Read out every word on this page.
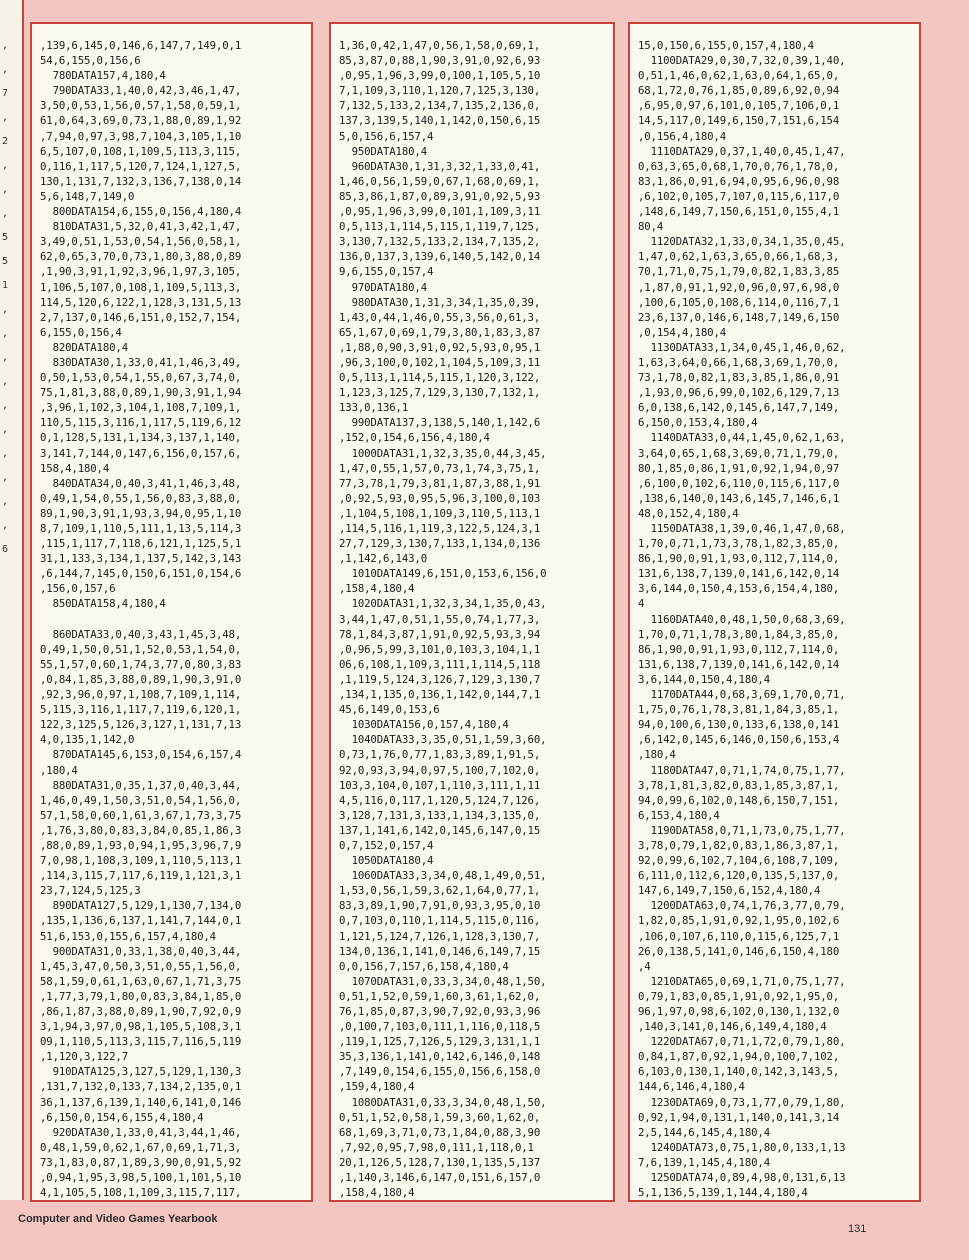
,
,
7
,
2
,
,
,
5
5
1
,
,
,
,
,
,
,
,
,
,
6
,139,6,145,0,146,6,147,7,149,0,1
54,6,155,0,156,6
780DATA157,4,180,4
790DATA33,1,40,0,42,3,46,1,47,
3,50,0,53,1,56,0,57,1,58,0,59,1,
61,0,64,3,69,0,73,1,88,0,89,1,92
,7,94,0,97,3,98,7,104,3,105,1,10
6,5,107,0,108,1,109,5,113,3,115,
0,116,1,117,5,120,7,124,1,127,5,
130,1,131,7,132,3,136,7,138,0,14
5,6,148,7,149,0
800DATA154,6,155,0,156,4,180,4
810DATA31,5,32,0,41,3,42,1,47,
3,49,0,51,1,53,0,54,1,56,0,58,1,
62,0,65,3,70,0,73,1,80,3,88,0,89
,1,90,3,91,1,92,3,96,1,97,3,105,
1,106,5,107,0,108,1,109,5,113,3,
114,5,120,6,122,1,128,3,131,5,13
2,7,137,0,146,6,151,0,152,7,154,
6,155,0,156,4
820DATA180,4
830DATA30,1,33,0,41,1,46,3,49,
0,50,1,53,0,54,1,55,0,67,3,74,0,
75,1,81,3,88,0,89,1,90,3,91,1,94
,3,96,1,102,3,104,1,108,7,109,1,
110,5,115,3,116,1,117,5,119,6,12
0,1,128,5,131,1,134,3,137,1,140,
3,141,7,144,0,147,6,156,0,157,6,
158,4,180,4
840DATA34,0,40,3,41,1,46,3,48,
0,49,1,54,0,55,1,56,0,83,3,88,0,
89,1,90,3,91,1,93,3,94,0,95,1,10
8,7,109,1,110,5,111,1,13,5,114,3
,115,1,117,7,118,6,121,1,125,5,1
31,1,133,3,134,1,137,5,142,3,143
,6,144,7,145,0,150,6,151,0,154,6
,156,0,157,6
850DATA158,4,180,4

860DATA33,0,40,3,43,1,45,3,48,
0,49,1,50,0,51,1,52,0,53,1,54,0,
55,1,57,0,60,1,74,3,77,0,80,3,83
,0,84,1,85,3,88,0,89,1,90,3,91,0
,92,3,96,0,97,1,108,7,109,1,114,
5,115,3,116,1,117,7,119,6,120,1,
122,3,125,5,126,3,127,1,131,7,13
4,0,135,1,142,0
870DATA145,6,153,0,154,6,157,4
,180,4
880DATA31,0,35,1,37,0,40,3,44,
1,46,0,49,1,50,3,51,0,54,1,56,0,
57,1,58,0,60,1,61,3,67,1,73,3,75
,1,76,3,80,0,83,3,84,0,85,1,86,3
,88,0,89,1,93,0,94,1,95,3,96,7,9
7,0,98,1,108,3,109,1,110,5,113,1
,114,3,115,7,117,6,119,1,121,3,1
23,7,124,5,125,3
890DATA127,5,129,1,130,7,134,0
,135,1,136,6,137,1,141,7,144,0,1
51,6,153,0,155,6,157,4,180,4
900DATA31,0,33,1,38,0,40,3,44,
1,45,3,47,0,50,3,51,0,55,1,56,0,
58,1,59,0,61,1,63,0,67,1,71,3,75
,1,77,3,79,1,80,0,83,3,84,1,85,0
,86,1,87,3,88,0,89,1,90,7,92,0,9
3,1,94,3,97,0,98,1,105,5,108,3,1
09,1,110,5,113,3,115,7,116,5,119
,1,120,3,122,7
910DATA125,3,127,5,129,1,130,3
,131,7,132,0,133,7,134,2,135,0,1
36,1,137,6,139,1,140,6,141,0,146
,6,150,0,154,6,155,4,180,4
920DATA30,1,33,0,41,3,44,1,46,
0,48,1,59,0,62,1,67,0,69,1,71,3,
73,1,83,0,87,1,89,3,90,0,91,5,92
,0,94,1,95,3,98,5,100,1,101,5,10
4,1,105,5,108,1,109,3,115,7,117,

1,36,0,42,1,47,0,56,1,58,0,69,1,
85,3,87,0,88,1,90,3,91,0,92,6,93
,0,95,1,96,3,99,0,100,1,105,5,10
7,1,109,3,110,1,120,7,125,3,130,
7,132,5,133,2,134,7,135,2,136,0,
137,3,139,5,140,1,142,0,150,6,15
5,0,156,6,157,4
950DATA180,4
960DATA30,1,31,3,32,1,33,0,41,
1,46,0,56,1,59,0,67,1,68,0,69,1,
85,3,86,1,87,0,89,3,91,0,92,5,93
,0,95,1,96,3,99,0,101,1,109,3,11
0,5,113,1,114,5,115,1,119,7,125,
3,130,7,132,5,133,2,134,7,135,2,
136,0,137,3,139,6,140,5,142,0,14
9,6,155,0,157,4
970DATA180,4
980DATA30,1,31,3,34,1,35,0,39,
1,43,0,44,1,46,0,55,3,56,0,61,3,
65,1,67,0,69,1,79,3,80,1,83,3,87
,1,88,0,90,3,91,0,92,5,93,0,95,1
,96,3,100,0,102,1,104,5,109,3,11
0,5,113,1,114,5,115,1,120,3,122,
1,123,3,125,7,129,3,130,7,132,1,
133,0,136,1
990DATA137,3,138,5,140,1,142,6
,152,0,154,6,156,4,180,4
1000DATA31,1,32,3,35,0,44,3,45,
1,47,0,55,1,57,0,73,1,74,3,75,1,
77,3,78,1,79,3,81,1,87,3,88,1,91
,0,92,5,93,0,95,5,96,3,100,0,103
,1,104,5,108,1,109,3,110,5,113,1
,114,5,116,1,119,3,122,5,124,3,1
27,7,129,3,130,7,133,1,134,0,136
,1,142,6,143,0
1010DATA149,6,151,0,153,6,156,0
,158,4,180,4
1020DATA31,1,32,3,34,1,35,0,43,
3,44,1,47,0,51,1,55,0,74,1,77,3,
78,1,84,3,87,1,91,0,92,5,93,3,94
,0,96,5,99,3,101,0,103,3,104,1,1
06,6,108,1,109,3,111,1,114,5,118
,1,119,5,124,3,126,7,129,3,130,7
,134,1,135,0,136,1,142,0,144,7,1
45,6,149,0,153,6
1030DATA156,0,157,4,180,4
1040DATA33,3,35,0,51,1,59,3,60,
0,73,1,76,0,77,1,83,3,89,1,91,5,
92,0,93,3,94,0,97,5,100,7,102,0,
103,3,104,0,107,1,110,3,111,1,11
4,5,116,0,117,1,120,5,124,7,126,
3,128,7,131,3,133,1,134,3,135,0,
137,1,141,6,142,0,145,6,147,0,15
0,7,152,0,157,4
1050DATA180,4
1060DATA33,3,34,0,48,1,49,0,51,
1,53,0,56,1,59,3,62,1,64,0,77,1,
83,3,89,1,90,7,91,0,93,3,95,0,10
0,7,103,0,110,1,114,5,115,0,116,
1,121,5,124,7,126,1,128,3,130,7,
134,0,136,1,141,0,146,6,149,7,15
0,0,156,7,157,6,158,4,180,4
1070DATA31,0,33,3,34,0,48,1,50,
0,51,1,52,0,59,1,60,3,61,1,62,0,
76,1,85,0,87,3,90,7,92,0,93,3,96
,0,100,7,103,0,111,1,116,0,118,5
,119,1,125,7,126,5,129,3,131,1,1
35,3,136,1,141,0,142,6,146,0,148
,7,149,0,154,6,155,0,156,6,158,0
,159,4,180,4
1080DATA31,0,33,3,34,0,48,1,50,
0,51,1,52,0,58,1,59,3,60,1,62,0,
68,1,69,3,71,0,73,1,84,0,88,3,90
,7,92,0,95,7,98,0,111,1,118,0,1
20,1,126,5,128,7,130,1,135,5,137
,1,140,3,146,6,147,0,151,6,157,0
,158,4,180,4

15,0,150,6,155,0,157,4,180,4
1100DATA29,0,30,7,32,0,39,1,40,
0,51,1,46,0,62,1,63,0,64,1,65,0,
68,1,72,0,76,1,85,0,89,6,92,0,94
,6,95,0,97,6,101,0,105,7,106,0,1
14,5,117,0,149,6,150,7,151,6,154
,0,156,4,180,4
1110DATA29,0,37,1,40,0,45,1,47,
0,63,3,65,0,68,1,70,0,76,1,78,0,
83,1,86,0,91,6,94,0,95,6,96,0,98
,6,102,0,105,7,107,0,115,6,117,0
,148,6,149,7,150,6,151,0,155,4,1
80,4
1120DATA32,1,33,0,34,1,35,0,45,
1,47,0,62,1,63,3,65,0,66,1,68,3,
70,1,71,0,75,1,79,0,82,1,83,3,85
,1,87,0,91,1,92,0,96,0,97,6,98,0
,100,6,105,0,108,6,114,0,116,7,1
23,6,137,0,146,6,148,7,149,6,150
,0,154,4,180,4
1130DATA33,1,34,0,45,1,46,0,62,
1,63,3,64,0,66,1,68,3,69,1,70,0,
73,1,78,0,82,1,83,3,85,1,86,0,91
,1,93,0,96,6,99,0,102,6,129,7,13
6,0,138,6,142,0,145,6,147,7,149,
6,150,0,153,4,180,4
1140DATA33,0,44,1,45,0,62,1,63,
3,64,0,65,1,68,3,69,0,71,1,79,0,
80,1,85,0,86,1,91,0,92,1,94,0,97
,6,100,0,102,6,110,0,115,6,117,0
,138,6,140,0,143,6,145,7,146,6,1
48,0,152,4,180,4
1150DATA38,1,39,0,46,1,47,0,68,
1,70,0,71,1,73,3,78,1,82,3,85,0,
86,1,90,0,91,1,93,0,112,7,114,0,
131,6,138,7,139,0,141,6,142,0,14
3,6,144,0,150,4,153,6,154,4,180,
4
1160DATA40,0,48,1,50,0,68,3,69,
1,70,0,71,1,78,3,80,1,84,3,85,0,
86,1,90,0,91,1,93,0,112,7,114,0,
131,6,138,7,139,0,141,6,142,0,14
3,6,144,0,150,4,180,4
1170DATA44,0,68,3,69,1,70,0,71,
1,75,0,76,1,78,3,81,1,84,3,85,1,
94,0,100,6,130,0,133,6,138,0,141
,6,142,0,145,6,146,0,150,6,153,4
,180,4
1180DATA47,0,71,1,74,0,75,1,77,
3,78,1,81,3,82,0,83,1,85,3,87,1,
94,0,99,6,102,0,148,6,150,7,151,
6,153,4,180,4
1190DATA58,0,71,1,73,0,75,1,77,
3,78,0,79,1,82,0,83,1,86,3,87,1,
92,0,99,6,102,7,104,6,108,7,109,
6,111,0,112,6,120,0,135,5,137,0,
147,6,149,7,150,6,152,4,180,4
1200DATA63,0,74,1,76,3,77,0,79,
1,82,0,85,1,91,0,92,1,95,0,102,6
,106,0,107,6,110,0,115,6,125,7,1
26,0,138,5,141,0,146,6,150,4,180
,4
1210DATA65,0,69,1,71,0,75,1,77,
0,79,1,83,0,85,1,91,0,92,1,95,0,
96,1,97,0,98,6,102,0,130,1,132,0
,140,3,141,0,146,6,149,4,180,4
1220DATA67,0,71,1,72,0,79,1,80,
0,84,1,87,0,92,1,94,0,100,7,102,
6,103,0,130,1,140,0,142,3,143,5,
144,6,146,4,180,4
1230DATA69,0,73,1,77,0,79,1,80,
0,92,1,94,0,131,1,140,0,141,3,14
2,5,144,6,145,4,180,4
1240DATA73,0,75,1,80,0,133,1,13
7,6,139,1,145,4,180,4
1250DATA74,0,89,4,98,0,131,6,13
5,1,136,5,139,1,144,4,180,4

Computer and Video Games Yearbook
131
